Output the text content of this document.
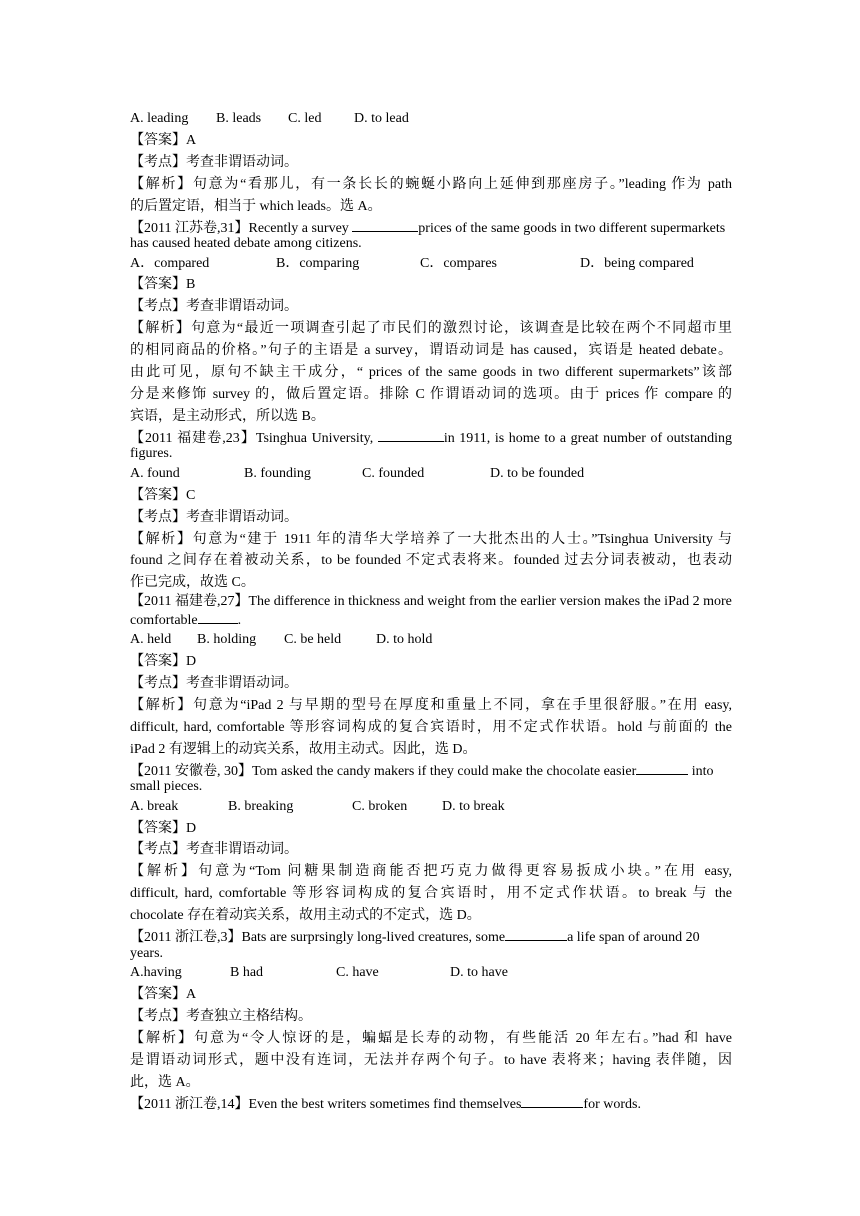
A. leading	B. leads	C. led	D. to lead
【答案】A
【考点】考查非谓语动词。
【解析】句意为“看那儿，有一条长长的蜿蜒小路向上延伸到那座房子。”leading 作为 path
的后置定语，相当于 which leads。选 A。
【2011 江苏卷,31】Recently a survey	prices of the same goods in two different supermarkets has caused heated debate among citizens.
A．compared	B．comparing	C．compares	D．being compared
【答案】B
【考点】考查非谓语动词。
【解析】句意为“最近一项调查引起了市民们的激烈讨论，该调查是比较在两个不同超市里
的相同商品的价格。”句子的主语是 a survey，谓语动词是 has caused，宾语是 heated debate。
由此可见，原句不缺主干成分，“ prices of the same goods in two different supermarkets”该部
分是来修饰 survey 的，做后置定语。排除 C 作谓语动词的选项。由于 prices 作 compare 的
宾语，是主动形式，所以选 B。
【2011 福建卷,23】Tsinghua University,	in 1911, is home to a great number of outstanding figures.
A. found	B. founding	C. founded	D. to be founded
【答案】C
【考点】考查非谓语动词。
【解析】句意为“建于 1911 年的清华大学培养了一大批杰出的人士。”Tsinghua University 与
found 之间存在着被动关系，to be founded 不定式表将来。founded 过去分词表被动，也表动
作已完成，故选 C。
【2011 福建卷,27】The difference in thickness and weight from the earlier version makes the iPad 2 more comfortable	.
A. held	B. holding	C. be held	D. to hold
【答案】D
【考点】考查非谓语动词。
【解析】句意为“iPad 2 与早期的型号在厚度和重量上不同，拿在手里很舒服。”在用 easy,
difficult, hard, comfortable 等形容词构成的复合宾语时，用不定式作状语。hold 与前面的 the
iPad 2 有逻辑上的动宾关系，故用主动式。因此，选 D。
【2011 安徽卷, 30】Tom asked the candy makers if they could make the chocolate easier	into small pieces.
A. break	B. breaking	C. broken	D. to break
【答案】D
【考点】考查非谓语动词。
【解析】句意为“Tom 问糖果制造商能否把巧克力做得更容易扳成小块。”在用 easy,
difficult, hard, comfortable 等形容词构成的复合宾语时，用不定式作状语。to break 与 the
chocolate 存在着动宾关系，故用主动式的不定式，选 D。
【2011 浙江卷,3】Bats are surprsingly long-lived creatures, some	a life span of around 20 years.
A.having	B had	C. have	D. to have
【答案】A
【考点】考查独立主格结构。
【解析】句意为“令人惊讶的是，蝙蝠是长寿的动物，有些能活 20 年左右。”had 和 have
是谓语动词形式，题中没有连词，无法并存两个句子。to have 表将来；having 表伴随，因
此，选 A。
【2011 浙江卷,14】Even the best writers sometimes find themselves	for words.
